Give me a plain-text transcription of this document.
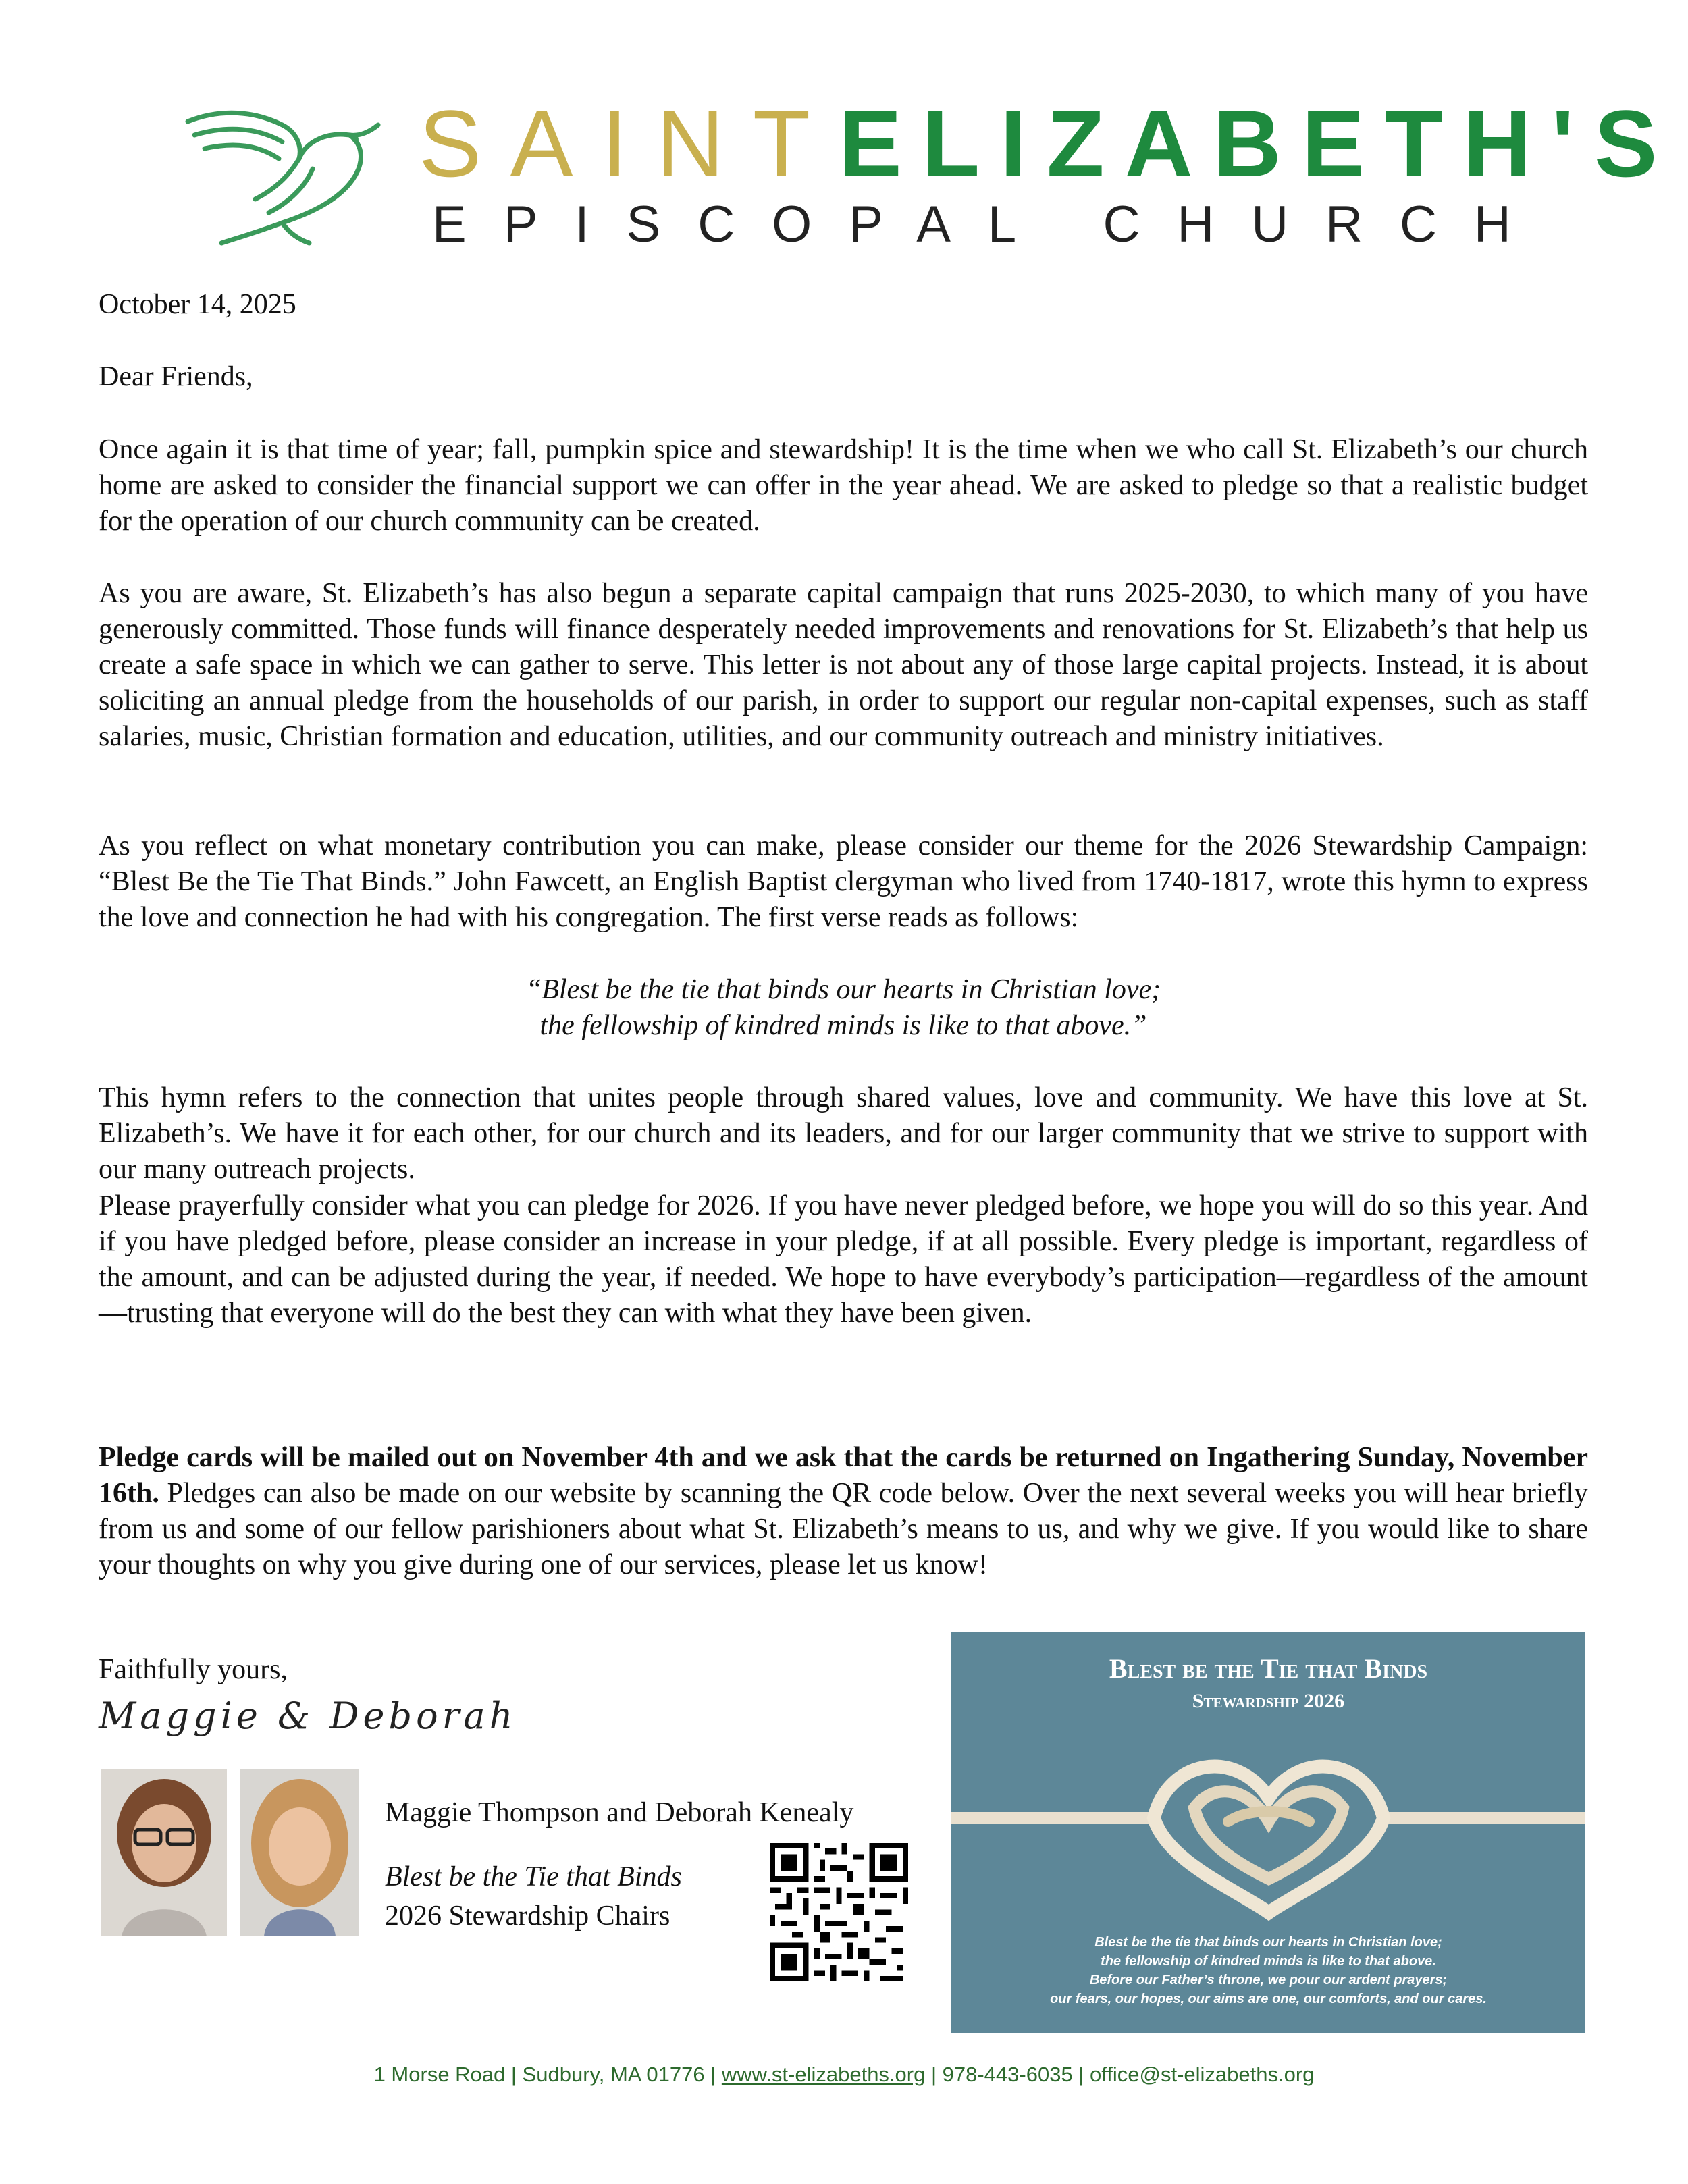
SAINTELIZABETH'S
EPISCOPAL CHURCH

October 14, 2025

Dear Friends,

Once again it is that time of year; fall, pumpkin spice and stewardship! It is the time when we who call St. Elizabeth’s our church home are asked to consider the financial support we can offer in the year ahead. We are asked to pledge so that a realistic budget for the operation of our church community can be created.

As you are aware, St. Elizabeth’s has also begun a separate capital campaign that runs 2025-2030, to which many of you have generously committed. Those funds will finance desperately needed improvements and renovations for St. Elizabeth’s that help us create a safe space in which we can gather to serve. This letter is not about any of those large capital projects. Instead, it is about soliciting an annual pledge from the households of our parish, in order to support our regular non-capital expenses, such as staff salaries, music, Christian formation and education, utilities, and our community outreach and ministry initiatives.

As you reflect on what monetary contribution you can make, please consider our theme for the 2026 Stewardship Campaign: “Blest Be the Tie That Binds.” John Fawcett, an English Baptist clergyman who lived from 1740-1817, wrote this hymn to express the love and connection he had with his congregation. The first verse reads as follows:

“Blest be the tie that binds our hearts in Christian love;

the fellowship of kindred minds is like to that above.”

This hymn refers to the connection that unites people through shared values, love and community. We have this love at St. Elizabeth’s. We have it for each other, for our church and its leaders, and for our larger community that we strive to support with our many outreach projects.

Please prayerfully consider what you can pledge for 2026. If you have never pledged before, we hope you will do so this year. And if you have pledged before, please consider an increase in your pledge, if at all possible. Every pledge is important, regardless of the amount, and can be adjusted during the year, if needed. We hope to have everybody’s participation—regardless of the amount—trusting that everyone will do the best they can with what they have been given.

Pledge cards will be mailed out on November 4th and we ask that the cards be returned on Ingathering Sunday, November 16th. Pledges can also be made on our website by scanning the QR code below. Over the next several weeks you will hear briefly from us and some of our fellow parishioners about what St. Elizabeth’s means to us, and why we give. If you would like to share your thoughts on why you give during one of our services, please let us know!

Faithfully yours,
Maggie & Deborah
Maggie Thompson and Deborah Kenealy
Blest be the Tie that Binds
2026 Stewardship Chairs
Blest be the Tie that Binds
Stewardship 2026
Blest be the tie that binds our hearts in Christian love;
the fellowship of kindred minds is like to that above.
Before our Father’s throne, we pour our ardent prayers;
our fears, our hopes, our aims are one, our comforts, and our cares.
1 Morse Road | Sudbury, MA 01776 | www.st-elizabeths.org | 978-443-6035 | office@st-elizabeths.org
